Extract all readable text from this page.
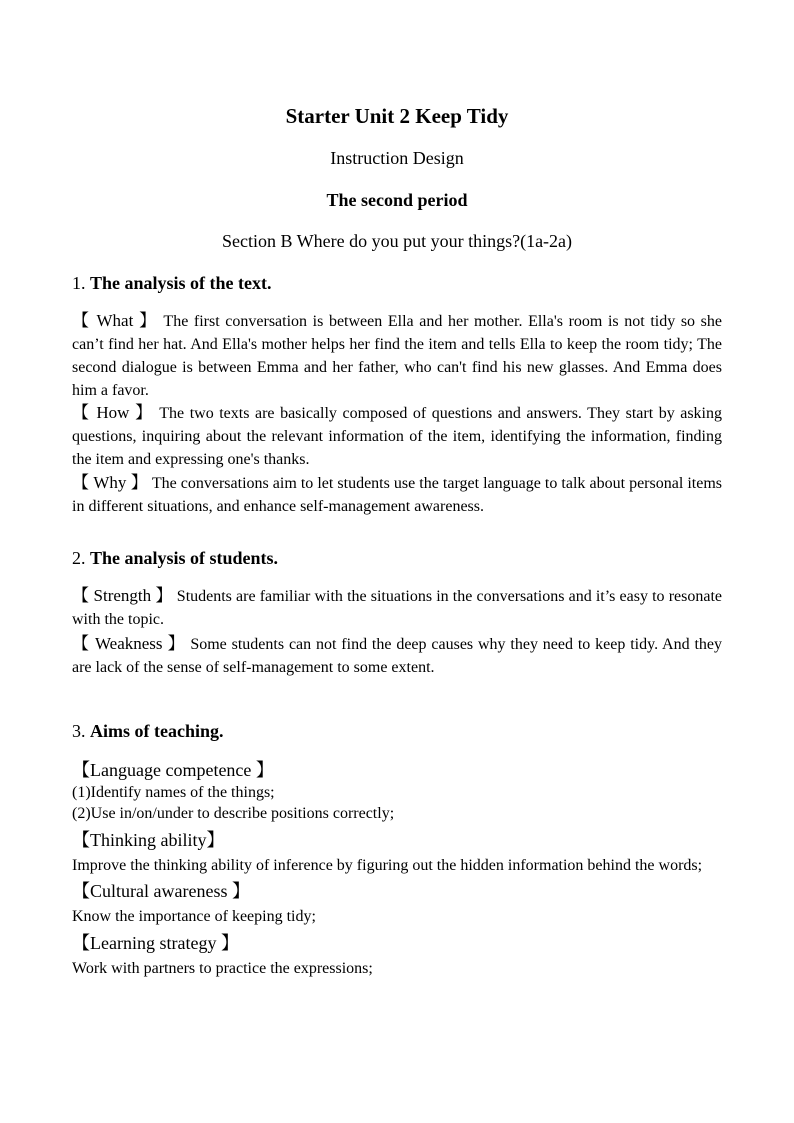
Starter Unit 2 Keep Tidy
Instruction Design
The second period
Section B Where do you put your things?(1a-2a)
1. The analysis of the text.
【 What 】 The first conversation is between Ella and her mother. Ella's room is not tidy so she can’t find her hat. And Ella's mother helps her find the item and tells Ella to keep the room tidy; The second dialogue is between Emma and her father, who can't find his new glasses. And Emma does him a favor.
【 How 】 The two texts are basically composed of questions and answers. They start by asking questions, inquiring about the relevant information of the item, identifying the information, finding the item and expressing one's thanks.
【 Why 】 The conversations aim to let students use the target language to talk about personal items in different situations, and enhance self-management awareness.
2. The analysis of students.
【 Strength 】 Students are familiar with the situations in the conversations and it’s easy to resonate with the topic.
【 Weakness 】 Some students can not find the deep causes why they need to keep tidy. And they are lack of the sense of self-management to some extent.
3. Aims of teaching.
【Language competence 】
(1)Identify names of the things;
(2)Use in/on/under to describe positions correctly;
【Thinking ability】
Improve the thinking ability of inference by figuring out the hidden information behind the words;
【Cultural awareness 】
Know the importance of keeping tidy;
【Learning strategy 】
Work with partners to practice the expressions;
